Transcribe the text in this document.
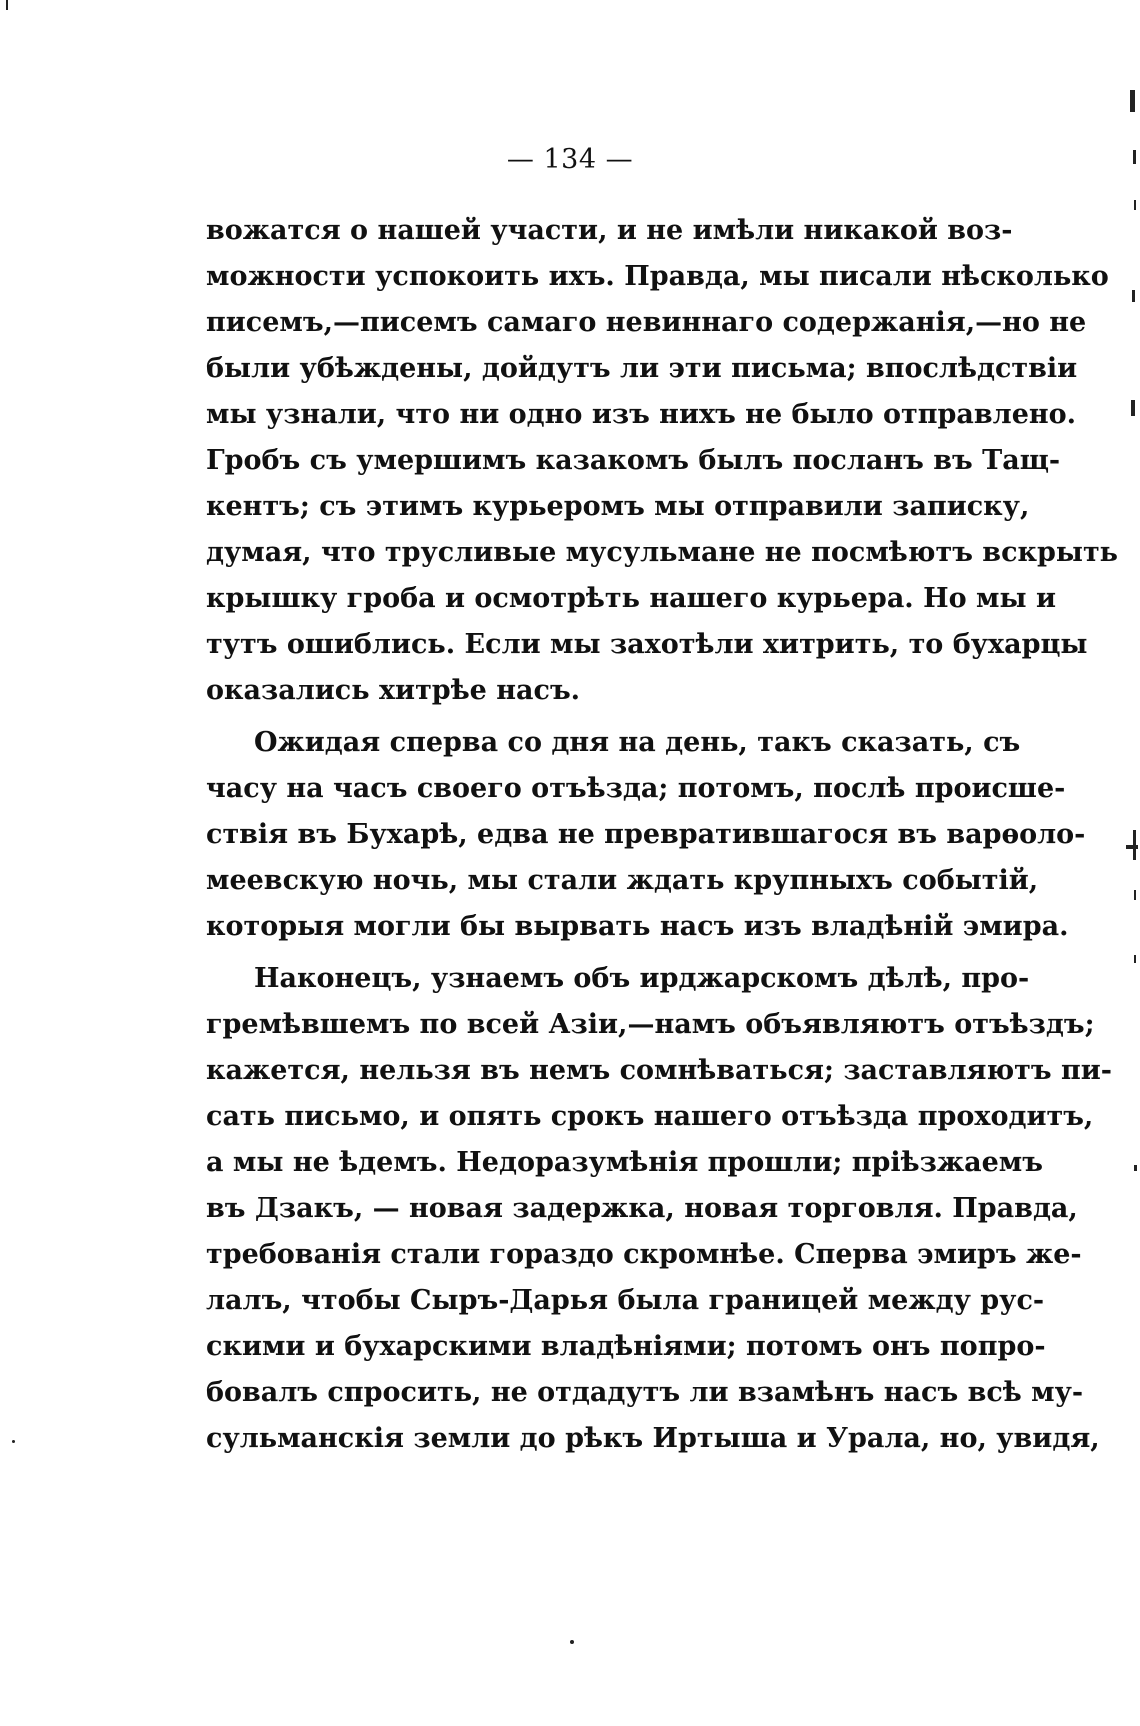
— 134 —
вожатся о нашей участи, и не имѣли никакой воз-
можности успокоить ихъ. Правда, мы писали нѣсколько
писемъ,—писемъ самаго невиннаго содержанія,—но не
были убѣждены, дойдутъ ли эти письма; впослѣдствіи
мы узнали, что ни одно изъ нихъ не было отправлено.
Гробъ съ умершимъ казакомъ былъ посланъ въ Тащ-
кентъ; съ этимъ курьеромъ мы отправили записку,
думая, что трусливые мусульмане не посмѣютъ вскрыть
крышку гроба и осмотрѣть нашего курьера. Но мы и
тутъ ошиблись. Если мы захотѣли хитрить, то бухарцы
оказались хитрѣе насъ.
Ожидая сперва со дня на день, такъ сказать, съ
часу на часъ своего отъѣзда; потомъ, послѣ происше-
ствія въ Бухарѣ, едва не превратившагося въ варѳоло-
меевскую ночь, мы стали ждать крупныхъ событій,
которыя могли бы вырвать насъ изъ владѣній эмира.
Наконецъ, узнаемъ объ ирджарскомъ дѣлѣ, про-
гремѣвшемъ по всей Азіи,—намъ объявляютъ отъѣздъ;
кажется, нельзя въ немъ сомнѣваться; заставляютъ пи-
сать письмо, и опять срокъ нашего отъѣзда проходитъ,
а мы не ѣдемъ. Недоразумѣнія прошли; пріѣзжаемъ
въ Дзакъ, — новая задержка, новая торговля. Правда,
требованія стали гораздо скромнѣе. Сперва эмиръ же-
лалъ, чтобы Сыръ-Дарья была границей между рус-
скими и бухарскими владѣніями; потомъ онъ попро-
бовалъ спросить, не отдадутъ ли взамѣнъ насъ всѣ му-
сульманскія земли до рѣкъ Иртыша и Урала, но, увидя,
